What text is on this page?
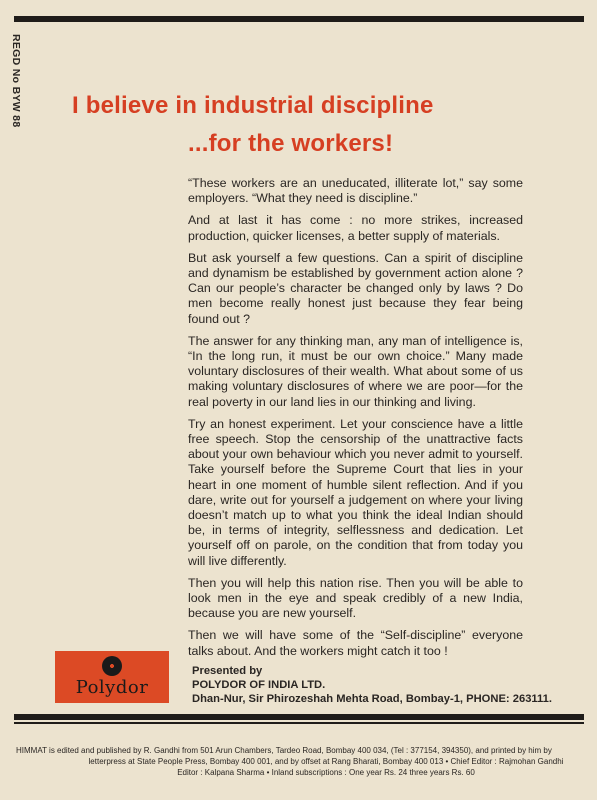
REGD No BYW 88 I believe in industrial discipline
...for the workers!

“These workers are an uneducated, illiterate lot,” say some employers. “What they need is discipline.”

And at last it has come : no more strikes, increased production, quicker licenses, a better supply of materials.

But ask yourself a few questions. Can a spirit of discipline and dynamism be established by government action alone ? Can our people’s character be changed only by laws ? Do men become really honest just because they fear being found out ?

The answer for any thinking man, any man of intelligence is, “In the long run, it must be our own choice.” Many made voluntary disclosures of their wealth. What about some of us making voluntary disclosures of where we are poor—for the real poverty in our land lies in our thinking and living.

Try an honest experiment. Let your conscience have a little free speech. Stop the censorship of the unattractive facts about your own behaviour which you never admit to yourself. Take yourself before the Supreme Court that lies in your heart in one moment of humble silent reflection. And if you dare, write out for yourself a judgement on where your living doesn’t match up to what you think the ideal Indian should be, in terms of integrity, selflessness and dedication. Let yourself off on parole, on the condition that from today you will live differently.

Then you will help this nation rise. Then you will be able to look men in the eye and speak credibly of a new India, because you are new yourself.

Then we will have some of the “Self-discipline” everyone talks about. And the workers might catch it too !

Polydor
Presented by
POLYDOR OF INDIA LTD.
Dhan-Nur, Sir Phirozeshah Mehta Road, Bombay-1, PHONE: 263111.
HIMMAT is edited and published by R. Gandhi from 501 Arun Chambers, Tardeo Road, Bombay 400 034, (Tel : 377154, 394350), and printed by him by
letterpress at State People Press, Bombay 400 001, and by offset at Rang Bharati, Bombay 400 013 • Chief Editor : Rajmohan Gandhi
Editor : Kalpana Sharma • Inland subscriptions : One year Rs. 24 three years Rs. 60
